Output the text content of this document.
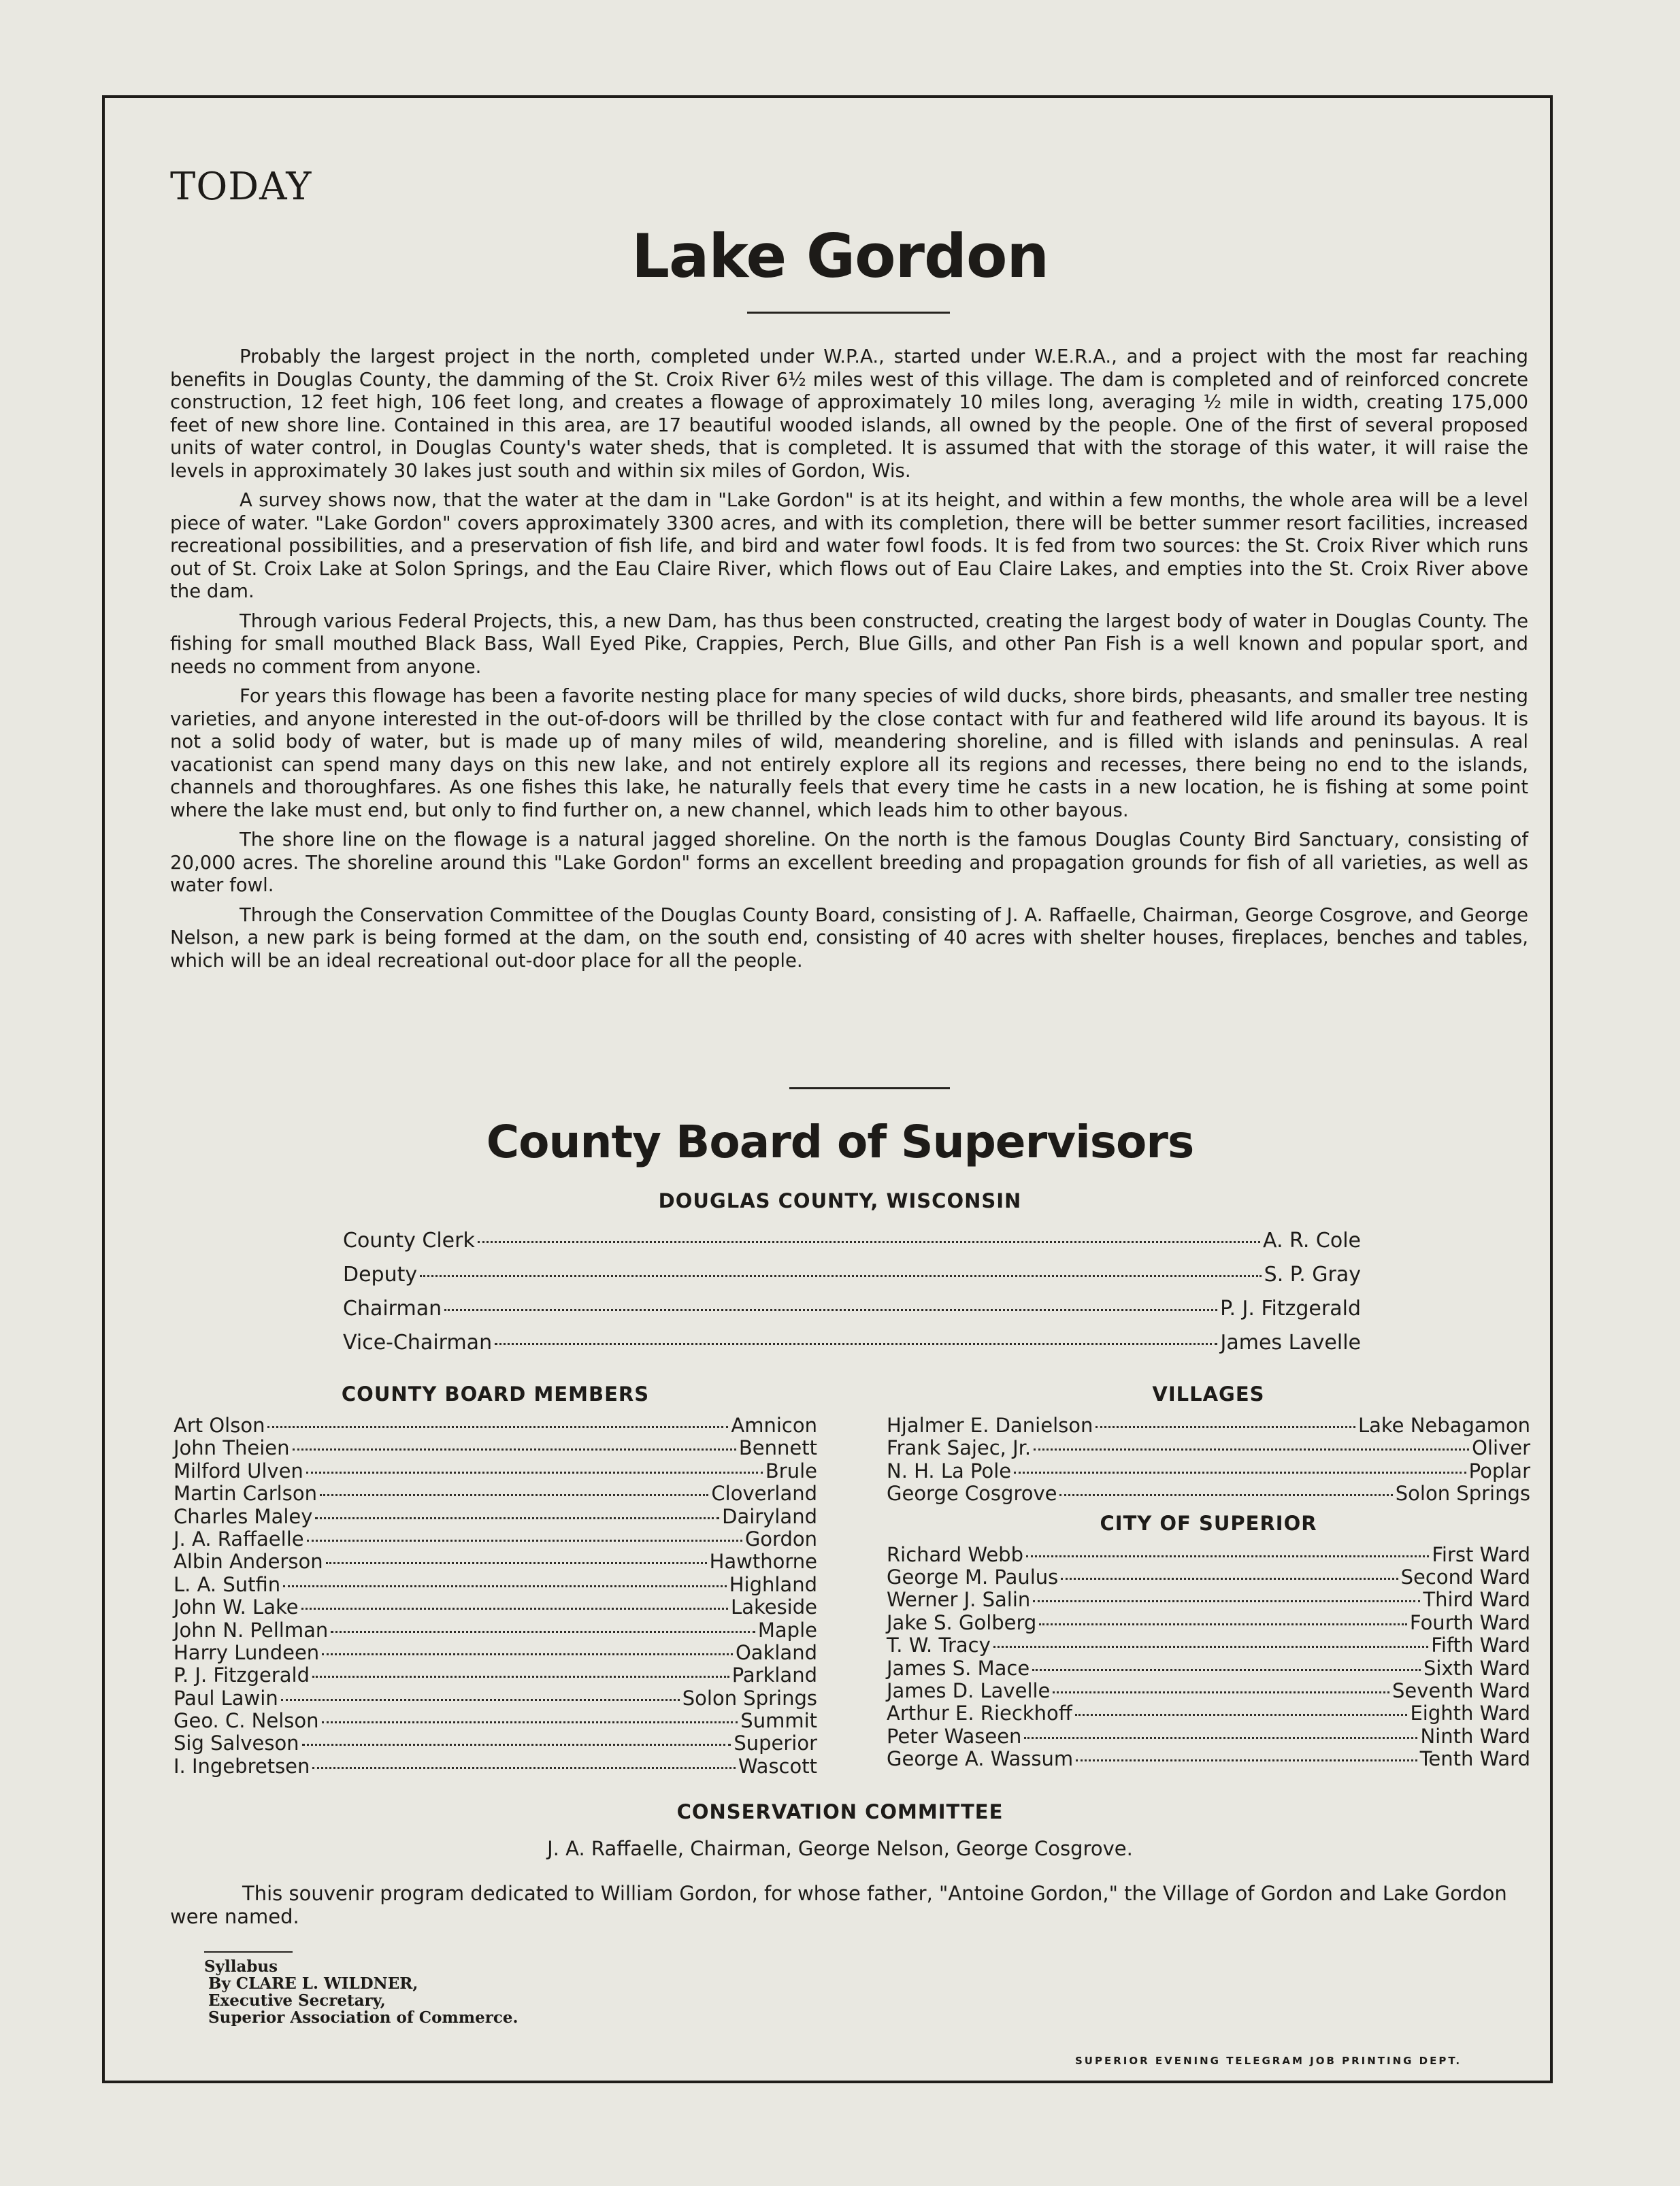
TODAY
Lake Gordon

Probably the largest project in the north, completed under W.P.A., started under W.E.R.A., and a project with the most far reaching benefits in Douglas County, the damming of the St. Croix River 6½ miles west of this village. The dam is completed and of reinforced concrete construction, 12 feet high, 106 feet long, and creates a flowage of approximately 10 miles long, averaging ½ mile in width, creating 175,000 feet of new shore line. Contained in this area, are 17 beautiful wooded islands, all owned by the people. One of the first of several proposed units of water control, in Douglas County's water sheds, that is completed. It is assumed that with the storage of this water, it will raise the levels in approximately 30 lakes just south and within six miles of Gordon, Wis.

A survey shows now, that the water at the dam in "Lake Gordon" is at its height, and within a few months, the whole area will be a level piece of water. "Lake Gordon" covers approximately 3300 acres, and with its completion, there will be better summer resort facilities, increased recreational possibilities, and a preservation of fish life, and bird and water fowl foods. It is fed from two sources: the St. Croix River which runs out of St. Croix Lake at Solon Springs, and the Eau Claire River, which flows out of Eau Claire Lakes, and empties into the St. Croix River above the dam.

Through various Federal Projects, this, a new Dam, has thus been constructed, creating the largest body of water in Douglas County. The fishing for small mouthed Black Bass, Wall Eyed Pike, Crappies, Perch, Blue Gills, and other Pan Fish is a well known and popular sport, and needs no comment from anyone.

For years this flowage has been a favorite nesting place for many species of wild ducks, shore birds, pheasants, and smaller tree nesting varieties, and anyone interested in the out-of-doors will be thrilled by the close contact with fur and feathered wild life around its bayous. It is not a solid body of water, but is made up of many miles of wild, meandering shoreline, and is filled with islands and peninsulas. A real vacationist can spend many days on this new lake, and not entirely explore all its regions and recesses, there being no end to the islands, channels and thoroughfares. As one fishes this lake, he naturally feels that every time he casts in a new location, he is fishing at some point where the lake must end, but only to find further on, a new channel, which leads him to other bayous.

The shore line on the flowage is a natural jagged shoreline. On the north is the famous Douglas County Bird Sanctuary, consisting of 20,000 acres. The shoreline around this "Lake Gordon" forms an excellent breeding and propagation grounds for fish of all varieties, as well as water fowl.

Through the Conservation Committee of the Douglas County Board, consisting of J. A. Raffaelle, Chairman, George Cosgrove, and George Nelson, a new park is being formed at the dam, on the south end, consisting of 40 acres with shelter houses, fireplaces, benches and tables, which will be an ideal recreational out-door place for all the people.

County Board of Supervisors
DOUGLAS COUNTY, WISCONSIN
County Clerk	A. R. Cole
Deputy	S. P. Gray
Chairman	P. J. Fitzgerald
Vice-Chairman	James Lavelle
COUNTY BOARD MEMBERS
Art Olson	Amnicon
John Theien	Bennett
Milford Ulven	Brule
Martin Carlson	Cloverland
Charles Maley	Dairyland
J. A. Raffaelle	Gordon
Albin Anderson	Hawthorne
L. A. Sutfin	Highland
John W. Lake	Lakeside
John N. Pellman	Maple
Harry Lundeen	Oakland
P. J. Fitzgerald	Parkland
Paul Lawin	Solon Springs
Geo. C. Nelson	Summit
Sig Salveson	Superior
I. Ingebretsen	Wascott
VILLAGES
Hjalmer E. Danielson	Lake Nebagamon
Frank Sajec, Jr.	Oliver
N. H. La Pole	Poplar
George Cosgrove	Solon Springs
CITY OF SUPERIOR
Richard Webb	First Ward
George M. Paulus	Second Ward
Werner J. Salin	Third Ward
Jake S. Golberg	Fourth Ward
T. W. Tracy	Fifth Ward
James S. Mace	Sixth Ward
James D. Lavelle	Seventh Ward
Arthur E. Rieckhoff	Eighth Ward
Peter Waseen	Ninth Ward
George A. Wassum	Tenth Ward
CONSERVATION COMMITTEE
J. A. Raffaelle, Chairman, George Nelson, George Cosgrove.
This souvenir program dedicated to William Gordon, for whose father, "Antoine Gordon," the Village of Gordon and Lake Gordon were named.
Syllabus
By CLARE L. WILDNER,
Executive Secretary,
Superior Association of Commerce.
SUPERIOR EVENING TELEGRAM JOB PRINTING DEPT.
